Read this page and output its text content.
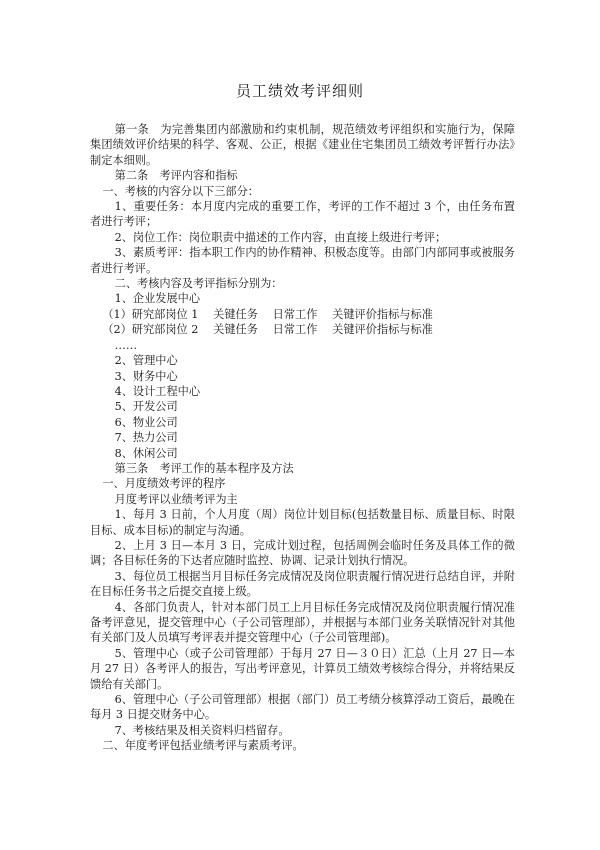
员工绩效考评细则

第一条　为完善集团内部激励和约束机制，规范绩效考评组织和实施行为，保障集团绩效评价结果的科学、客观、公正，根据《建业住宅集团员工绩效考评暂行办法》制定本细则。

第二条　考评内容和指标

一、考核的内容分以下三部分：

1、重要任务：本月度内完成的重要工作，考评的工作不超过 3 个，由任务布置者进行考评；

2、岗位工作：岗位职责中描述的工作内容，由直接上级进行考评；

3、素质考评：指本职工作内的协作精神、积极态度等。由部门内部同事或被服务者进行考评。

二、考核内容及考评指标分别为：

1、企业发展中心

（1）研究部岗位 1　 关键任务　 日常工作　 关键评价指标与标准

（2）研究部岗位 2　 关键任务　 日常工作　 关键评价指标与标准

……

2、管理中心

3、财务中心

4、设计工程中心

5、开发公司

6、物业公司

7、热力公司

8、休闲公司

第三条　考评工作的基本程序及方法

一、月度绩效考评的程序

月度考评以业绩考评为主

1、每月 3 日前，个人月度（周）岗位计划目标(包括数量目标、质量目标、时限目标、成本目标)的制定与沟通。

2、上月 3 日—本月 3 日，完成计划过程，包括周例会临时任务及具体工作的微调；各目标任务的下达者应随时监控、协调、记录计划执行情况。

3、每位员工根据当月目标任务完成情况及岗位职责履行情况进行总结自评，并附在目标任务书之后提交直接上级。

4、各部门负责人，针对本部门员工上月目标任务完成情况及岗位职责履行情况准备考评意见，提交管理中心（子公司管理部），并根据与本部门业务关联情况针对其他有关部门及人员填写考评表并提交管理中心（子公司管理部)。

5、管理中心（或子公司管理部）于每月 27 日—３０日）汇总（上月 27 日—本月 27 日）各考评人的报告，写出考评意见，计算员工绩效考核综合得分，并将结果反馈给有关部门。

6、管理中心（子公司管理部）根据（部门）员工考绩分核算浮动工资后，最晚在每月 3 日提交财务中心。

7、考核结果及相关资料归档留存。

二、年度考评包括业绩考评与素质考评。
